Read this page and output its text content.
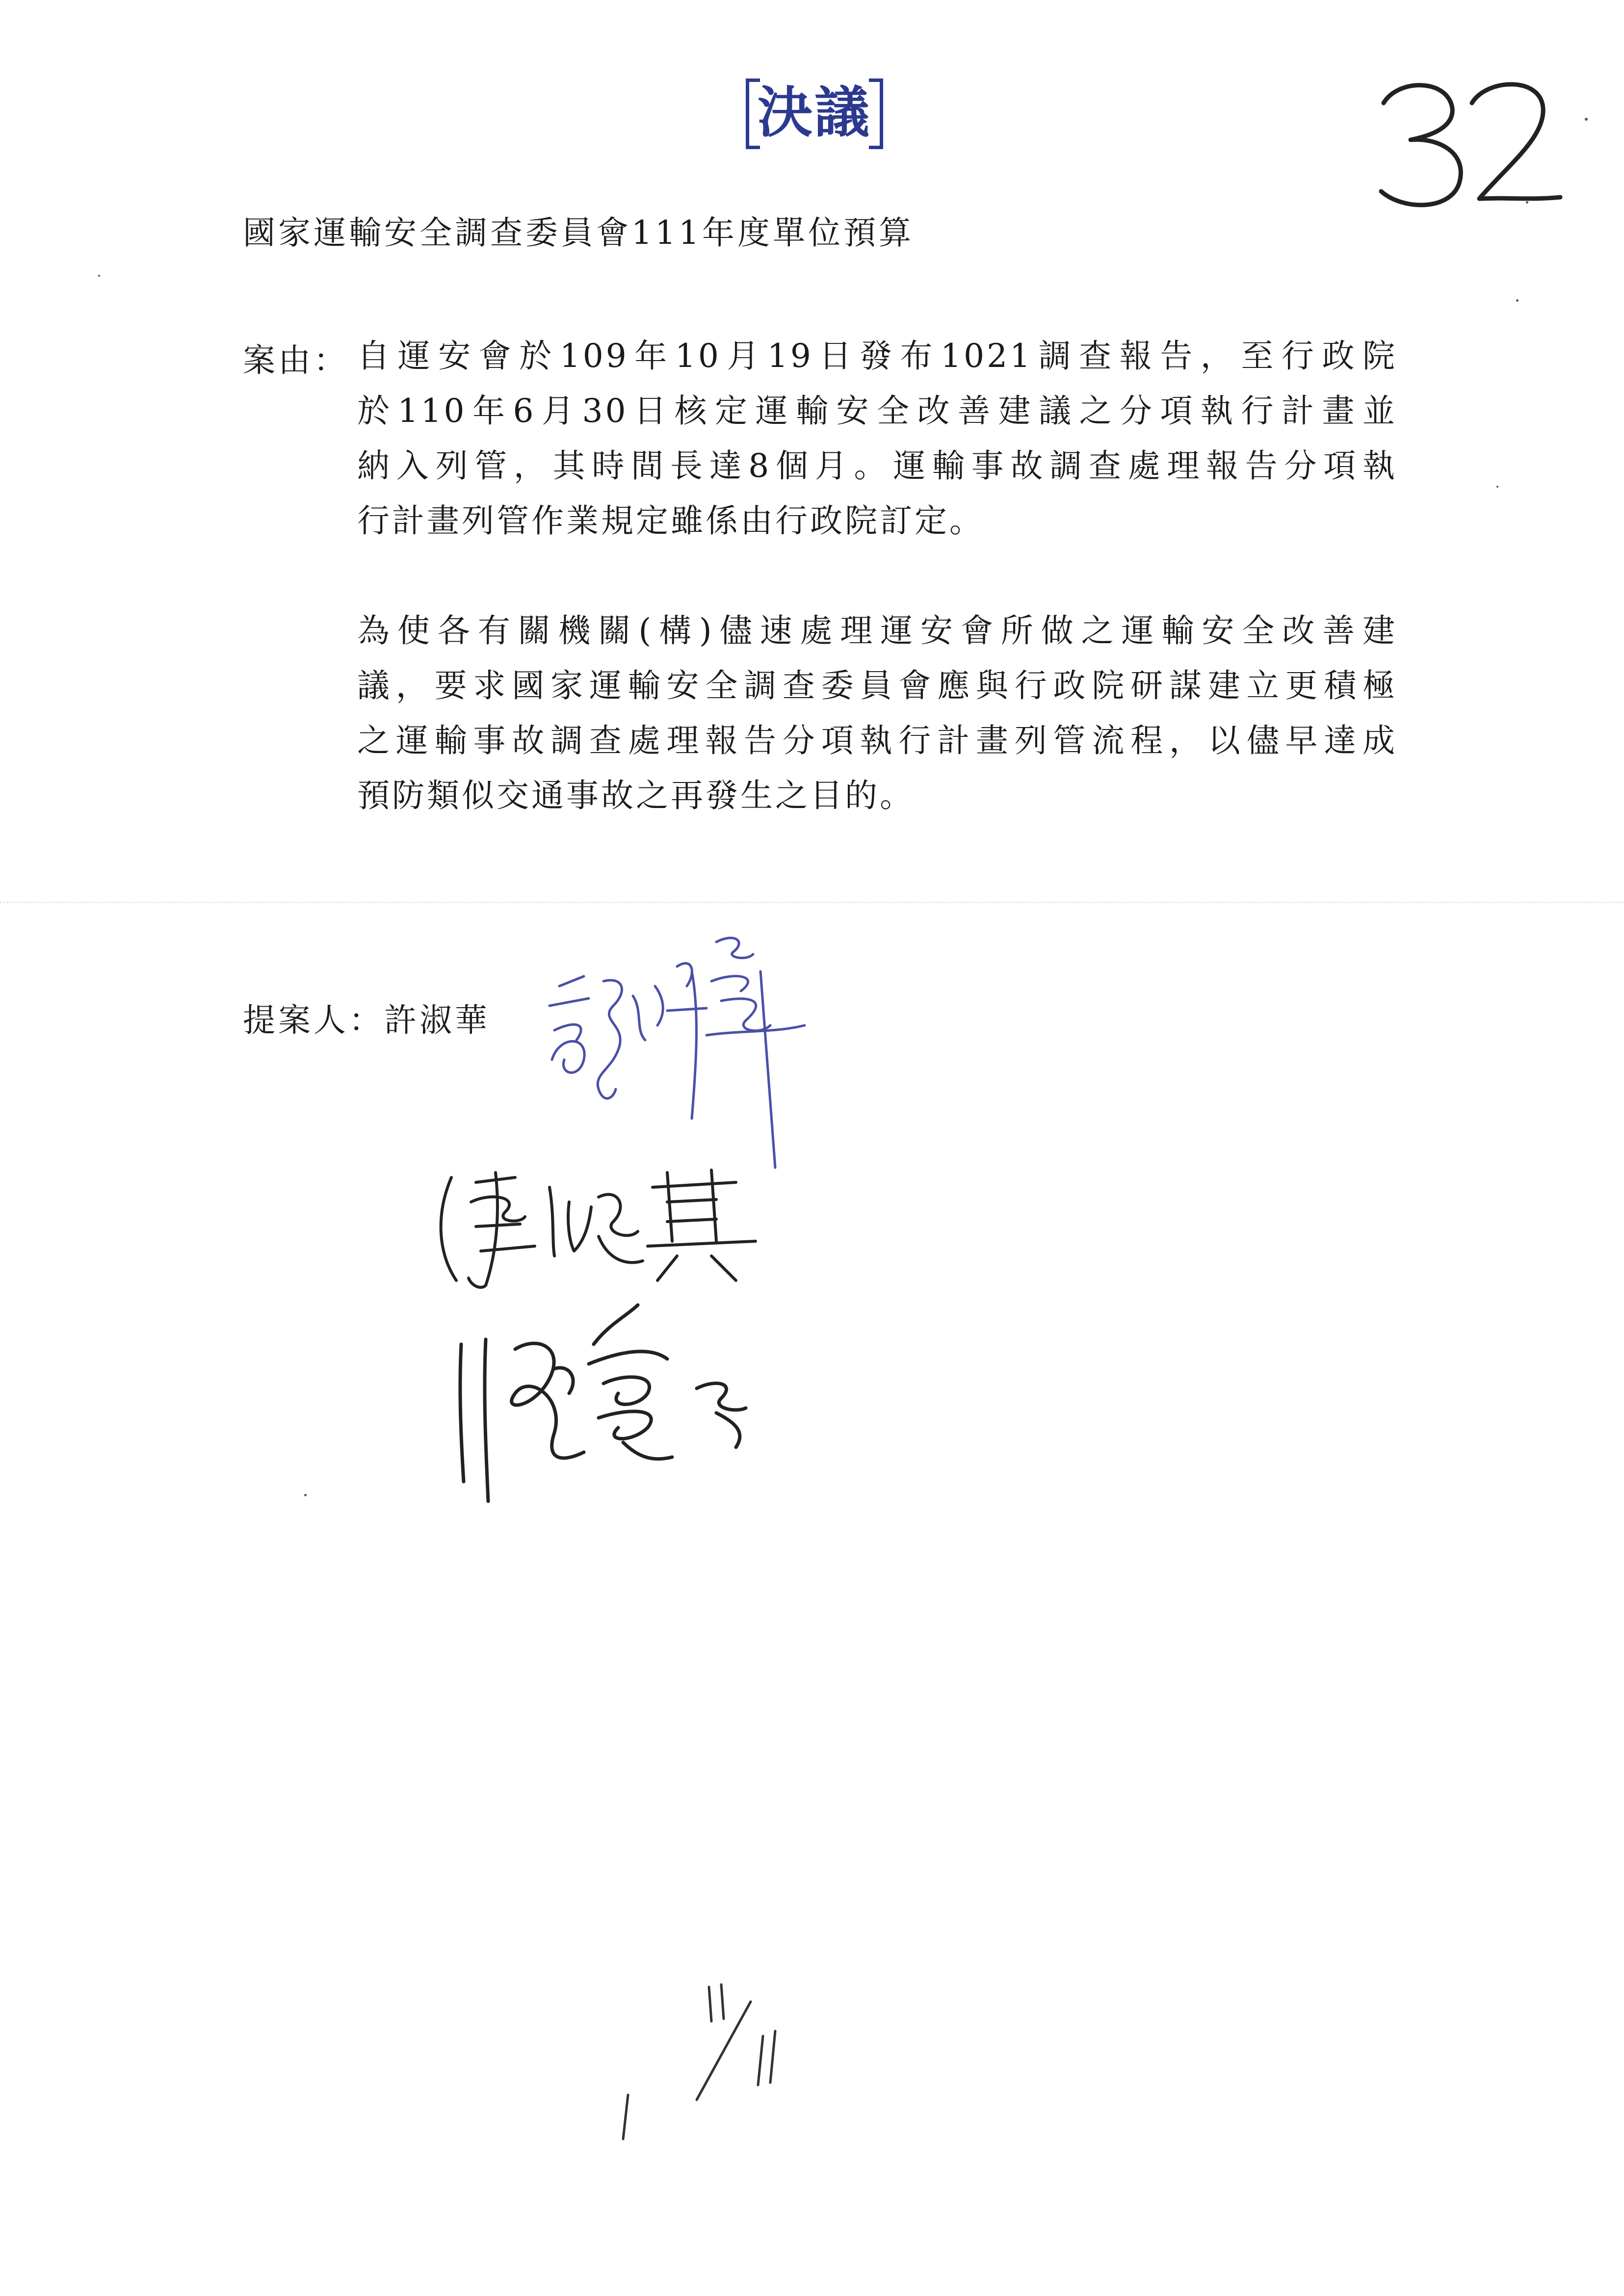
決議
國家運輸安全調查委員會111年度單位預算
案由： 自運安會於109年10月19日發布1021調查報告，至行政院
於110年6月30日核定運輸安全改善建議之分項執行計畫並
納入列管，其時間長達8個月。運輸事故調查處理報告分項執
行計畫列管作業規定雖係由行政院訂定。
為使各有關機關(構)儘速處理運安會所做之運輸安全改善建
議，要求國家運輸安全調查委員會應與行政院研謀建立更積極
之運輸事故調查處理報告分項執行計畫列管流程，以儘早達成
預防類似交通事故之再發生之目的。
提案人：許淑華
